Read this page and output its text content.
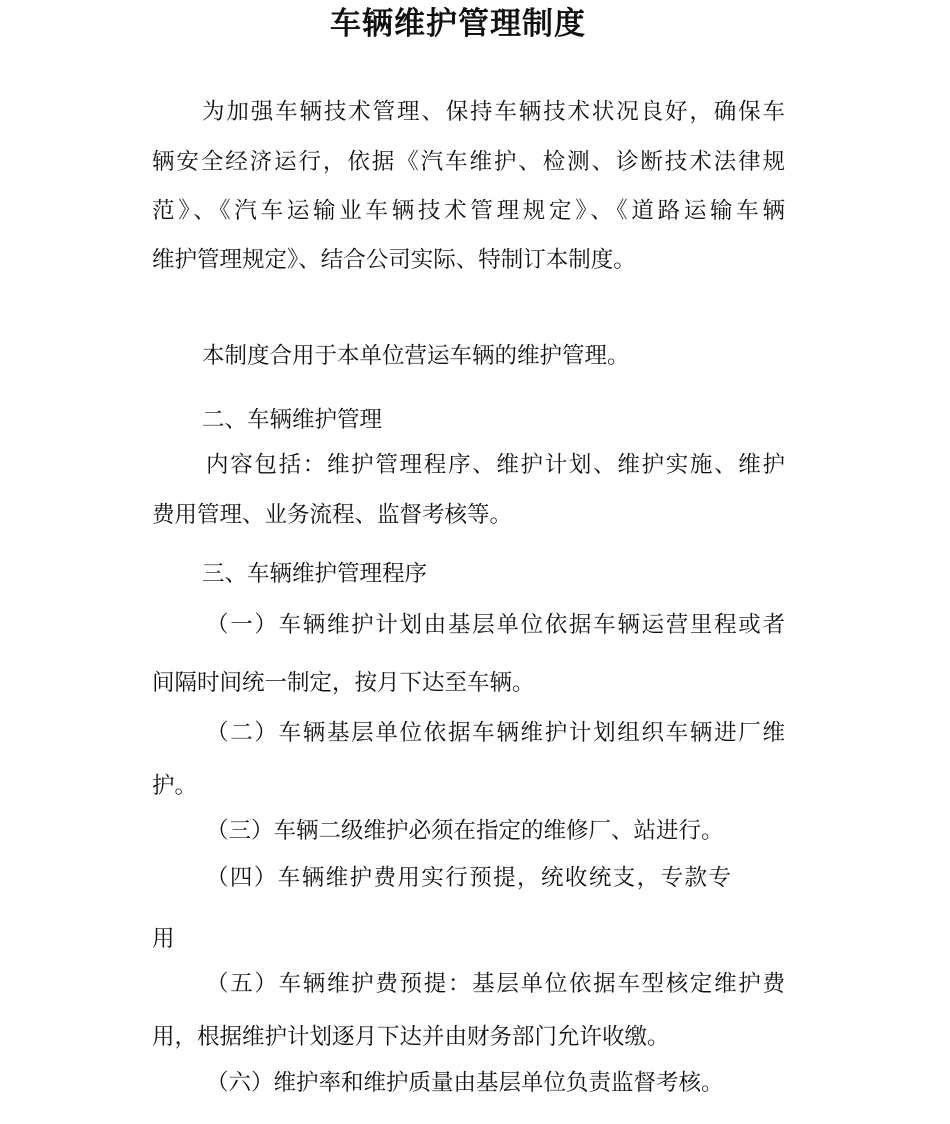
车辆维护管理制度
为加强车辆技术管理、保持车辆技术状况良好，确保车
辆安全经济运行，依据《汽车维护、检测、诊断技术法律规
范》、《汽车运输业车辆技术管理规定》、《道路运输车辆
维护管理规定》、结合公司实际、特制订本制度。
本制度合用于本单位营运车辆的维护管理。
二、车辆维护管理
内容包括：维护管理程序、维护计划、维护实施、维护
费用管理、业务流程、监督考核等。
三、车辆维护管理程序
（一）车辆维护计划由基层单位依据车辆运营里程或者
间隔时间统一制定，按月下达至车辆。
（二）车辆基层单位依据车辆维护计划组织车辆进厂维
护。
（三）车辆二级维护必须在指定的维修厂、站进行。
（四）车辆维护费用实行预提，统收统支，专款专
用
（五）车辆维护费预提：基层单位依据车型核定维护费
用，根据维护计划逐月下达并由财务部门允许收缴。
（六）维护率和维护质量由基层单位负责监督考核。
